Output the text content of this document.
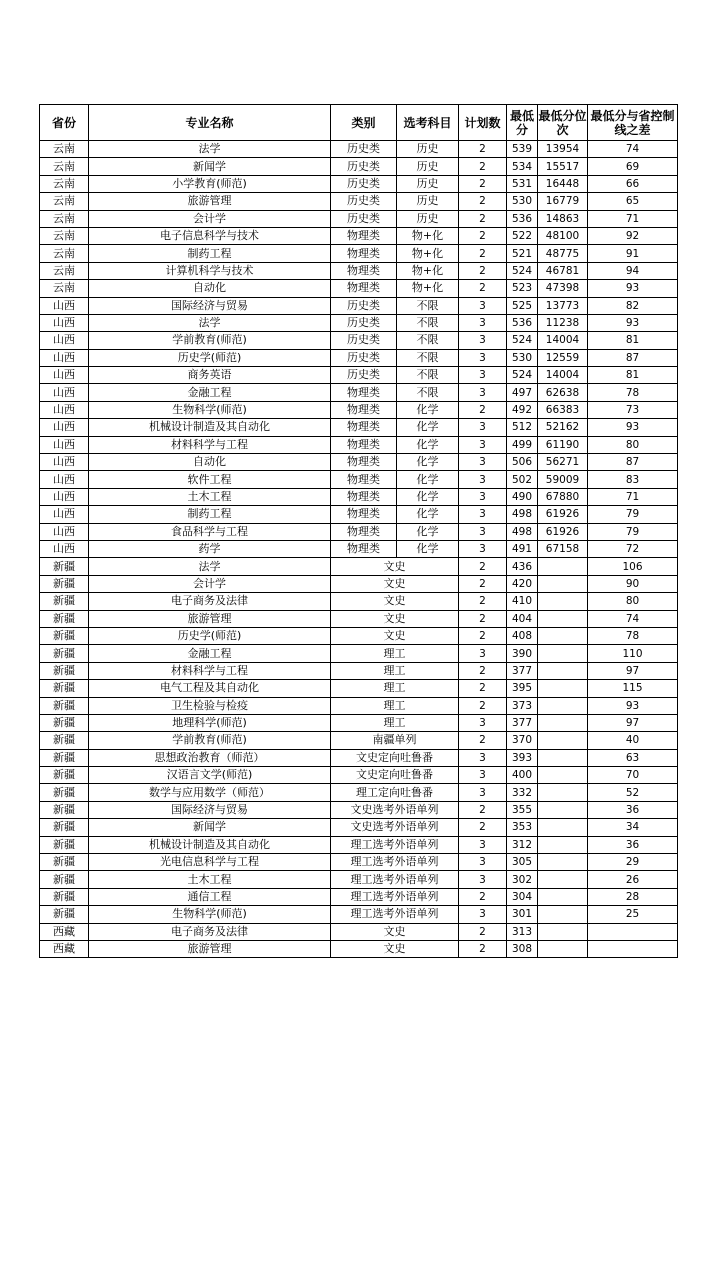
省份	专业名称	类别	选考科目	计划数	最低分	最低分位次	最低分与省控制线之差
云南	法学	历史类	历史	2	539	13954	74
云南	新闻学	历史类	历史	2	534	15517	69
云南	小学教育(师范)	历史类	历史	2	531	16448	66
云南	旅游管理	历史类	历史	2	530	16779	65
云南	会计学	历史类	历史	2	536	14863	71
云南	电子信息科学与技术	物理类	物+化	2	522	48100	92
云南	制药工程	物理类	物+化	2	521	48775	91
云南	计算机科学与技术	物理类	物+化	2	524	46781	94
云南	自动化	物理类	物+化	2	523	47398	93
山西	国际经济与贸易	历史类	不限	3	525	13773	82
山西	法学	历史类	不限	3	536	11238	93
山西	学前教育(师范)	历史类	不限	3	524	14004	81
山西	历史学(师范)	历史类	不限	3	530	12559	87
山西	商务英语	历史类	不限	3	524	14004	81
山西	金融工程	物理类	不限	3	497	62638	78
山西	生物科学(师范)	物理类	化学	2	492	66383	73
山西	机械设计制造及其自动化	物理类	化学	3	512	52162	93
山西	材料科学与工程	物理类	化学	3	499	61190	80
山西	自动化	物理类	化学	3	506	56271	87
山西	软件工程	物理类	化学	3	502	59009	83
山西	土木工程	物理类	化学	3	490	67880	71
山西	制药工程	物理类	化学	3	498	61926	79
山西	食品科学与工程	物理类	化学	3	498	61926	79
山西	药学	物理类	化学	3	491	67158	72
新疆	法学	文史		2	436		106
新疆	会计学	文史		2	420		90
新疆	电子商务及法律	文史		2	410		80
新疆	旅游管理	文史		2	404		74
新疆	历史学(师范)	文史		2	408		78
新疆	金融工程	理工		3	390		110
新疆	材料科学与工程	理工		2	377		97
新疆	电气工程及其自动化	理工		2	395		115
新疆	卫生检验与检疫	理工		2	373		93
新疆	地理科学(师范)	理工		3	377		97
新疆	学前教育(师范)	南疆单列		2	370		40
新疆	思想政治教育（师范）	文史定向吐鲁番		3	393		63
新疆	汉语言文学(师范)	文史定向吐鲁番		3	400		70
新疆	数学与应用数学（师范）	理工定向吐鲁番		3	332		52
新疆	国际经济与贸易	文史选考外语单列		2	355		36
新疆	新闻学	文史选考外语单列		2	353		34
新疆	机械设计制造及其自动化	理工选考外语单列		3	312		36
新疆	光电信息科学与工程	理工选考外语单列		3	305		29
新疆	土木工程	理工选考外语单列		3	302		26
新疆	通信工程	理工选考外语单列		2	304		28
新疆	生物科学(师范)	理工选考外语单列		3	301		25
西藏	电子商务及法律	文史		2	313		
西藏	旅游管理	文史		2	308		
